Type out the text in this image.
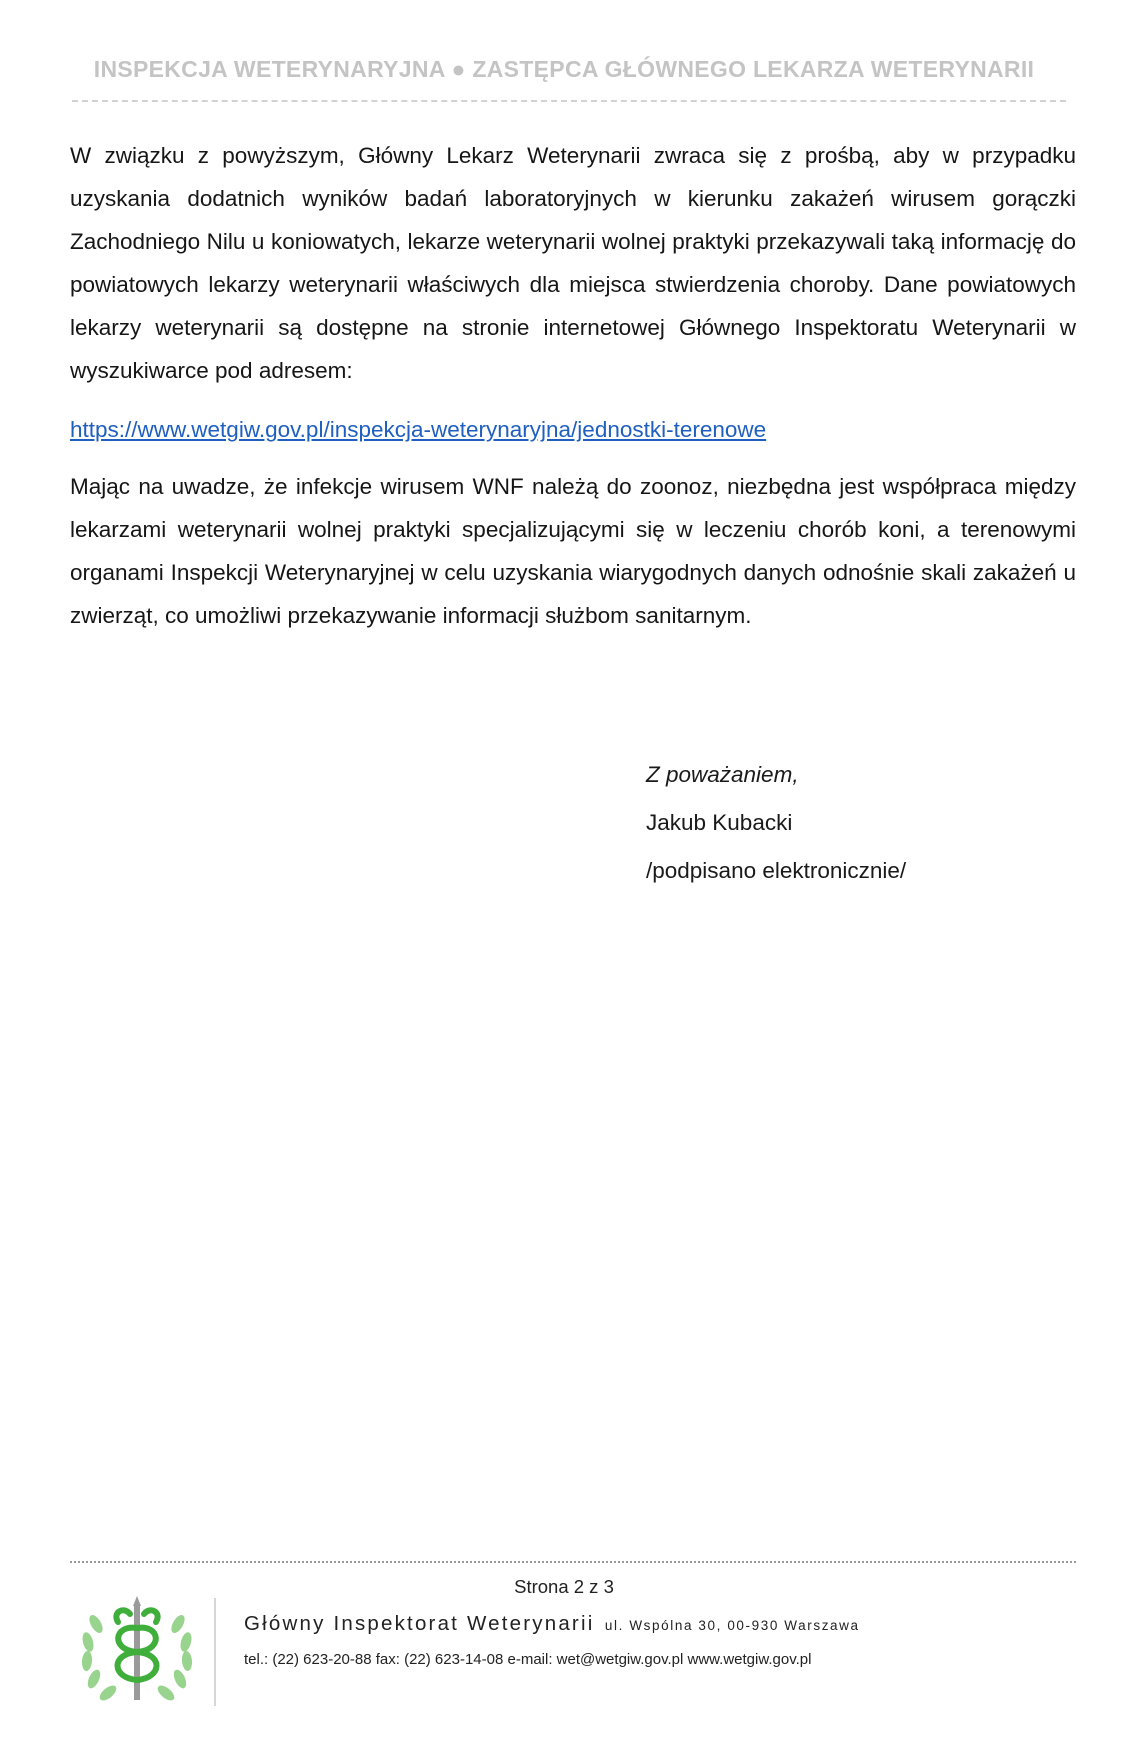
INSPEKCJA WETERYNARYJNA ● ZASTĘPCA GŁÓWNEGO LEKARZA WETERYNARII

W związku z powyższym, Główny Lekarz Weterynarii zwraca się z prośbą, aby w przypadku uzyskania dodatnich wyników badań laboratoryjnych w kierunku zakażeń wirusem gorączki Zachodniego Nilu u koniowatych, lekarze weterynarii wolnej praktyki przekazywali taką informację do powiatowych lekarzy weterynarii właściwych dla miejsca stwierdzenia choroby. Dane powiatowych lekarzy weterynarii są dostępne na stronie internetowej Głównego Inspektoratu Weterynarii w wyszukiwarce pod adresem:

https://www.wetgiw.gov.pl/inspekcja-weterynaryjna/jednostki-terenowe

Mając na uwadze, że infekcje wirusem WNF należą do zoonoz, niezbędna jest współpraca między lekarzami weterynarii wolnej praktyki specjalizującymi się w leczeniu chorób koni, a terenowymi organami Inspekcji Weterynaryjnej w celu uzyskania wiarygodnych danych odnośnie skali zakażeń u zwierząt, co umożliwi przekazywanie informacji służbom sanitarnym.

Z poważaniem,
Jakub Kubacki
/podpisano elektronicznie/
Strona 2 z 3
Główny Inspektorat Weterynarii ul. Wspólna 30, 00-930 Warszawa
tel.: (22) 623-20-88 fax: (22) 623-14-08 e-mail: wet@wetgiw.gov.pl www.wetgiw.gov.pl
